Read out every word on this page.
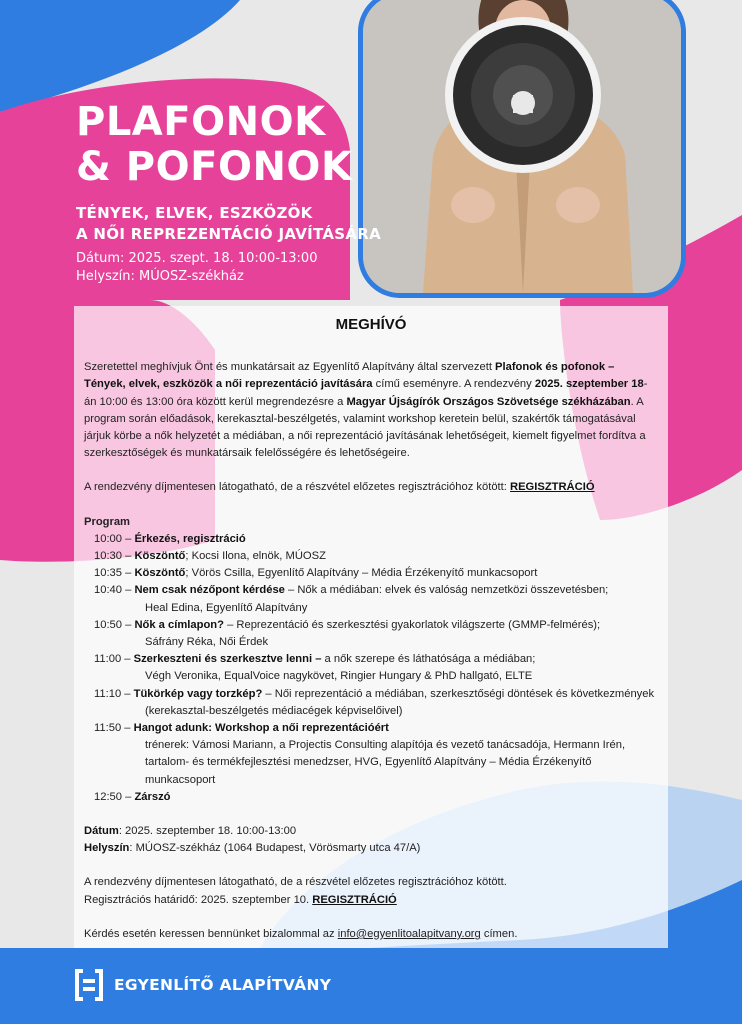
PLAFONOK
& POFONOK
TÉNYEK, ELVEK, ESZKÖZÖK
A NŐI REPREZENTÁCIÓ JAVÍTÁSÁRA
Dátum: 2025. szept. 18. 10:00-13:00
Helyszín: MÚOSZ-székház
MEGHÍVÓ

Szeretettel meghívjuk Önt és munkatársait az Egyenlítő Alapítvány által szervezett Plafonok és pofonok – Tények, elvek, eszközök a női reprezentáció javítására című eseményre. A rendezvény 2025. szeptember 18-án 10:00 és 13:00 óra között kerül megrendezésre a Magyar Újságírók Országos Szövetsége székházában. A program során előadások, kerekasztal-beszélgetés, valamint workshop keretein belül, szakértők támogatásával járjuk körbe a nők helyzetét a médiában, a női reprezentáció javításának lehetőségeit, kiemelt figyelmet fordítva a szerkesztőségek és munkatársaik felelősségére és lehetőségeire.

A rendezvény díjmentesen látogatható, de a részvétel előzetes regisztrációhoz kötött: REGISZTRÁCIÓ

Program

10:00 – Érkezés, regisztráció
10:30 – Köszöntő; Kocsi Ilona, elnök, MÚOSZ
10:35 – Köszöntő; Vörös Csilla, Egyenlítő Alapítvány – Média Érzékenyítő munkacsoport
10:40 – Nem csak nézőpont kérdése – Nők a médiában: elvek és valóság nemzetközi összevetésben;
Heal Edina, Egyenlítő Alapítvány
10:50 – Nők a címlapon? – Reprezentáció és szerkesztési gyakorlatok világszerte (GMMP-felmérés);
Sáfrány Réka, Női Érdek
11:00 – Szerkeszteni és szerkesztve lenni – a nők szerepe és láthatósága a médiában;
Végh Veronika, EqualVoice nagykövet, Ringier Hungary & PhD hallgató, ELTE
11:10 – Tükörkép vagy torzkép? – Női reprezentáció a médiában, szerkesztőségi döntések és következmények
(kerekasztal-beszélgetés médiacégek képviselőivel)
11:50 – Hangot adunk: Workshop a női reprezentációért
trénerek: Vámosi Mariann, a Projectis Consulting alapítója és vezető tanácsadója, Hermann Irén, tartalom- és termékfejlesztési menedzser, HVG, Egyenlítő Alapítvány – Média Érzékenyítő munkacsoport
12:50 – Zárszó

Dátum: 2025. szeptember 18. 10:00-13:00

Helyszín: MÚOSZ-székház (1064 Budapest, Vörösmarty utca 47/A)

A rendezvény díjmentesen látogatható, de a részvétel előzetes regisztrációhoz kötött.

Regisztrációs határidő: 2025. szeptember 10. REGISZTRÁCIÓ

Kérdés esetén keressen bennünket bizalommal az info@egyenlitoalapitvany.org címen.

EGYENLÍTŐ ALAPÍTVÁNY
